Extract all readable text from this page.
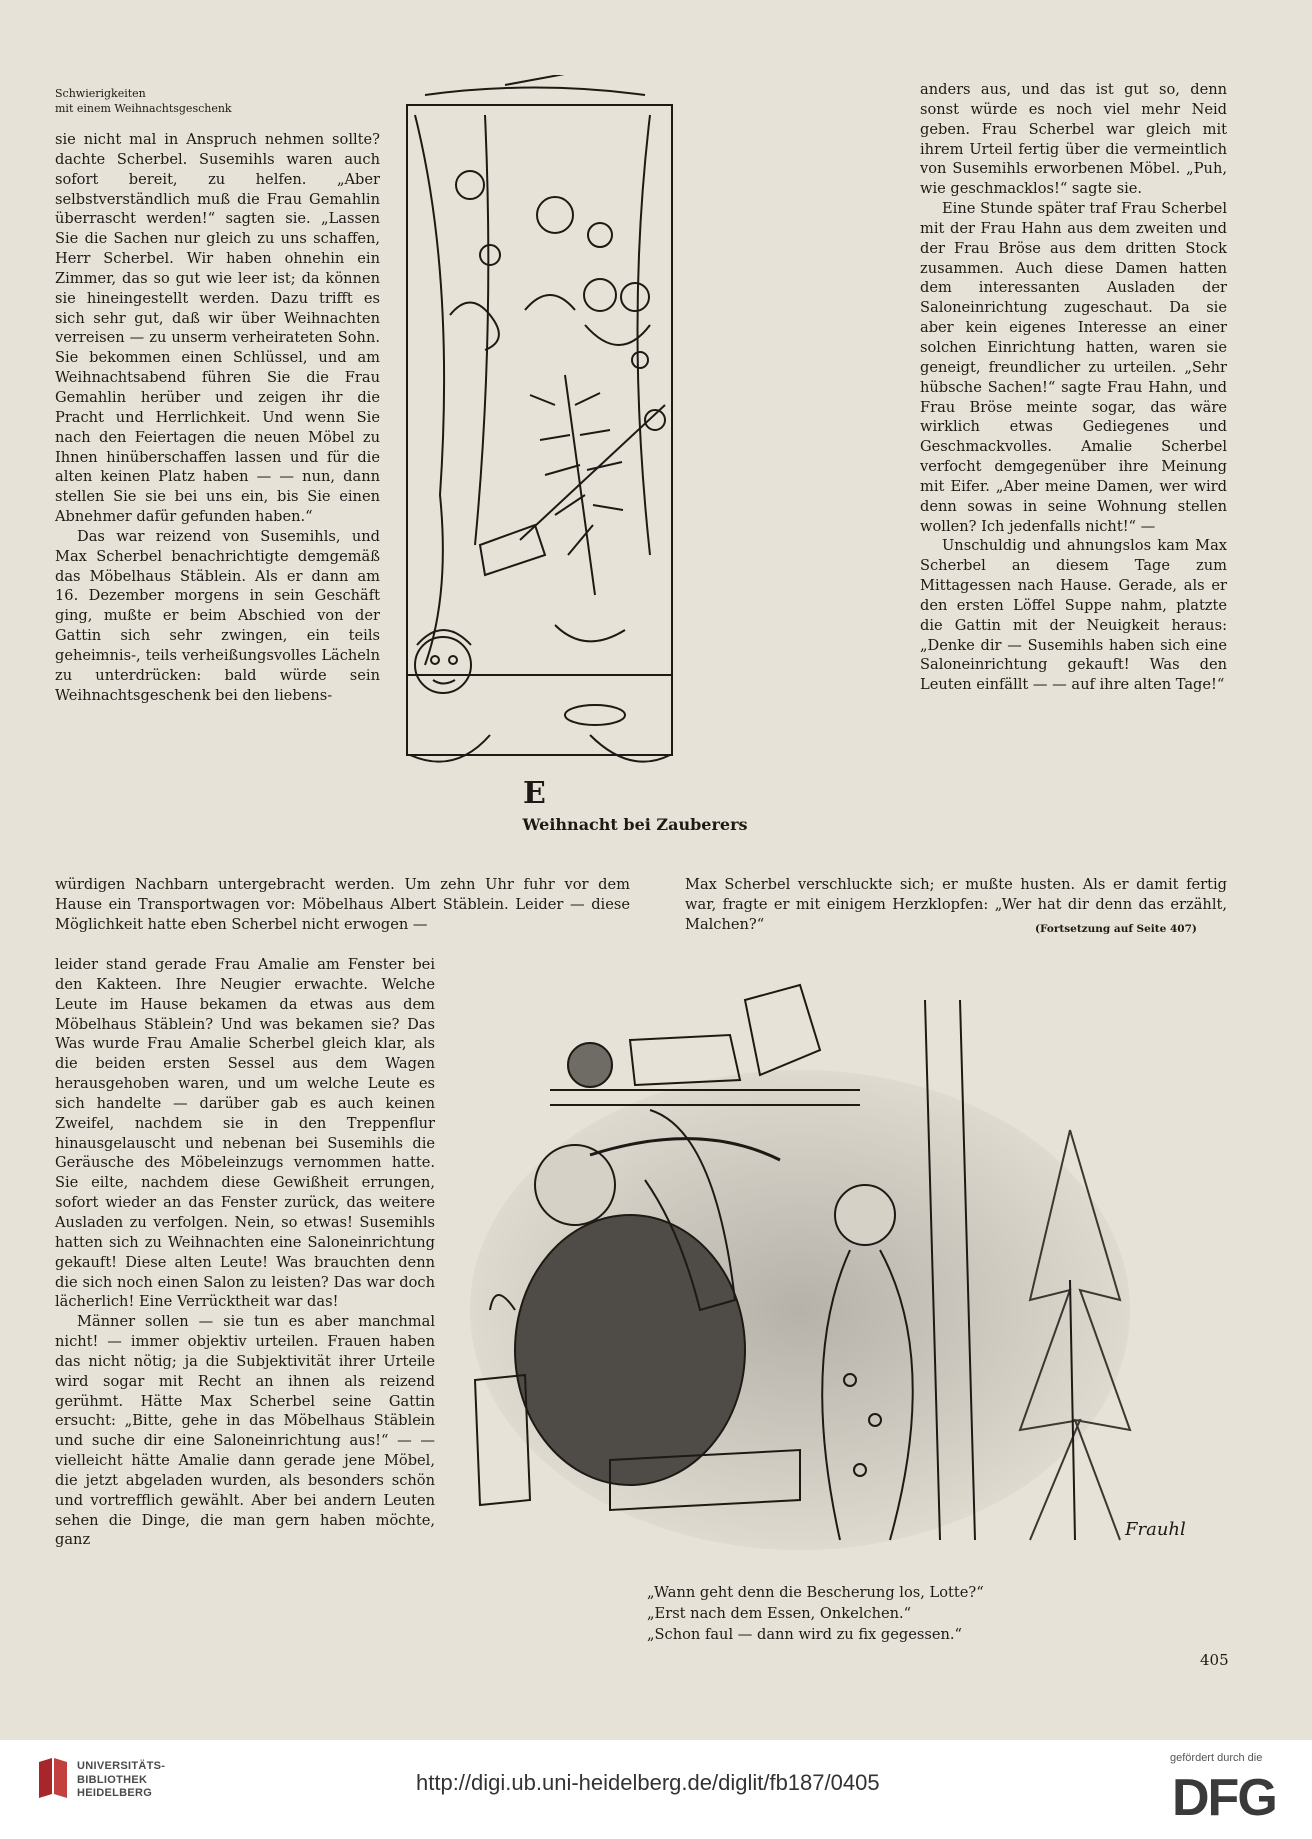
Schwierigkeiten
mit einem Weihnachtsgeschenk

sie nicht mal in Anspruch nehmen sollte? dachte Scherbel. Susemihls waren auch sofort bereit, zu helfen. „Aber selbstverständlich muß die Frau Gemahlin überrascht werden!“ sagten sie. „Lassen Sie die Sachen nur gleich zu uns schaffen, Herr Scherbel. Wir haben ohnehin ein Zimmer, das so gut wie leer ist; da können sie hineingestellt werden. Dazu trifft es sich sehr gut, daß wir über Weihnachten verreisen — zu unserm verheirateten Sohn. Sie bekommen einen Schlüssel, und am Weihnachtsabend führen Sie die Frau Gemahlin herüber und zeigen ihr die Pracht und Herrlichkeit. Und wenn Sie nach den Feiertagen die neuen Möbel zu Ihnen hinüberschaffen lassen und für die alten keinen Platz haben — — nun, dann stellen Sie sie bei uns ein, bis Sie einen Abnehmer dafür gefunden haben.“

Das war reizend von Susemihls, und Max Scherbel benachrichtigte demgemäß das Möbelhaus Stäblein. Als er dann am 16. Dezember morgens in sein Geschäft ging, mußte er beim Abschied von der Gattin sich sehr zwingen, ein teils geheimnis-, teils verheißungsvolles Lächeln zu unterdrücken: bald würde sein Weihnachtsgeschenk bei den liebens-

E
Weihnacht bei Zauberers

anders aus, und das ist gut so, denn sonst würde es noch viel mehr Neid geben. Frau Scherbel war gleich mit ihrem Urteil fertig über die vermeintlich von Susemihls erworbenen Möbel. „Puh, wie geschmacklos!“ sagte sie.

Eine Stunde später traf Frau Scherbel mit der Frau Hahn aus dem zweiten und der Frau Bröse aus dem dritten Stock zusammen. Auch diese Damen hatten dem interessanten Ausladen der Saloneinrichtung zugeschaut. Da sie aber kein eigenes Interesse an einer solchen Einrichtung hatten, waren sie geneigt, freundlicher zu urteilen. „Sehr hübsche Sachen!“ sagte Frau Hahn, und Frau Bröse meinte sogar, das wäre wirklich etwas Gediegenes und Geschmackvolles. Amalie Scherbel verfocht demgegenüber ihre Meinung mit Eifer. „Aber meine Damen, wer wird denn sowas in seine Wohnung stellen wollen? Ich jedenfalls nicht!“ —

Unschuldig und ahnungslos kam Max Scherbel an diesem Tage zum Mittagessen nach Hause. Gerade, als er den ersten Löffel Suppe nahm, platzte die Gattin mit der Neuigkeit heraus: „Denke dir — Susemihls haben sich eine Saloneinrichtung gekauft! Was den Leuten einfällt — — auf ihre alten Tage!“

würdigen Nachbarn untergebracht werden. Um zehn Uhr fuhr vor dem Hause ein Transportwagen vor: Möbelhaus Albert Stäblein. Leider — diese Möglichkeit hatte eben Scherbel nicht erwogen —
Max Scherbel verschluckte sich; er mußte husten. Als er damit fertig war, fragte er mit einigem Herzklopfen: „Wer hat dir denn das erzählt, Malchen?“	(Fortsetzung auf Seite 407)

leider stand gerade Frau Amalie am Fenster bei den Kakteen. Ihre Neugier erwachte. Welche Leute im Hause bekamen da etwas aus dem Möbelhaus Stäblein? Und was bekamen sie? Das Was wurde Frau Amalie Scherbel gleich klar, als die beiden ersten Sessel aus dem Wagen herausgehoben waren, und um welche Leute es sich handelte — darüber gab es auch keinen Zweifel, nachdem sie in den Treppenflur hinausgelauscht und nebenan bei Susemihls die Geräusche des Möbeleinzugs vernommen hatte. Sie eilte, nachdem diese Gewißheit errungen, sofort wieder an das Fenster zurück, das weitere Ausladen zu verfolgen. Nein, so etwas! Susemihls hatten sich zu Weihnachten eine Saloneinrichtung gekauft! Diese alten Leute! Was brauchten denn die sich noch einen Salon zu leisten? Das war doch lächerlich! Eine Verrücktheit war das!

Männer sollen — sie tun es aber manchmal nicht! — immer objektiv urteilen. Frauen haben das nicht nötig; ja die Subjektivität ihrer Urteile wird sogar mit Recht an ihnen als reizend gerühmt. Hätte Max Scherbel seine Gattin ersucht: „Bitte, gehe in das Möbelhaus Stäblein und suche dir eine Saloneinrichtung aus!“ — — vielleicht hätte Amalie dann gerade jene Möbel, die jetzt abgeladen wurden, als besonders schön und vortrefflich gewählt. Aber bei andern Leuten sehen die Dinge, die man gern haben möchte, ganz	Frauhl
„Wann geht denn die Bescherung los, Lotte?“
„Erst nach dem Essen, Onkelchen.“
„Schon faul — dann wird zu fix gegessen.“
405
UNIVERSITÄTS-
BIBLIOTHEK
HEIDELBERG	http://digi.ub.uni-heidelberg.de/diglit/fb187/0405
gefördert durch die
DFG
